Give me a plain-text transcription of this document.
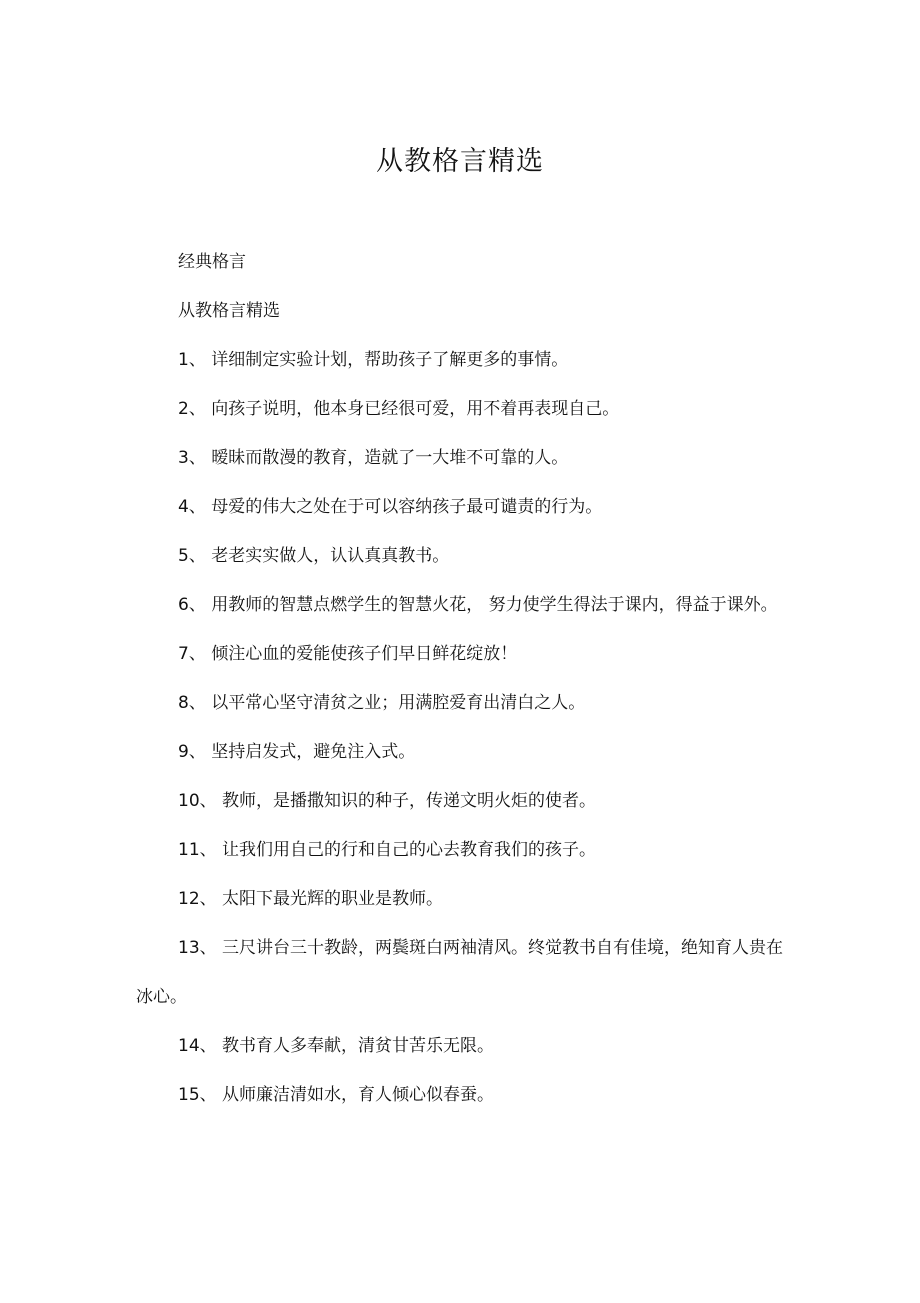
从教格言精选

经典格言

从教格言精选

1、 详细制定实验计划，帮助孩子了解更多的事情。

2、 向孩子说明，他本身已经很可爱，用不着再表现自己。

3、 暧昧而散漫的教育，造就了一大堆不可靠的人。

4、 母爱的伟大之处在于可以容纳孩子最可谴责的行为。

5、 老老实实做人，认认真真教书。

6、 用教师的智慧点燃学生的智慧火花， 努力使学生得法于课内，得益于课外。

7、 倾注心血的爱能使孩子们早日鲜花绽放！

8、 以平常心坚守清贫之业；用满腔爱育出清白之人。

9、 坚持启发式，避免注入式。

10、 教师，是播撒知识的种子，传递文明火炬的使者。

11、 让我们用自己的行和自己的心去教育我们的孩子。

12、 太阳下最光辉的职业是教师。

13、 三尺讲台三十教龄，两鬓斑白两袖清风。终觉教书自有佳境，绝知育人贵在冰心。

14、 教书育人多奉献，清贫甘苦乐无限。

15、 从师廉洁清如水，育人倾心似春蚕。
